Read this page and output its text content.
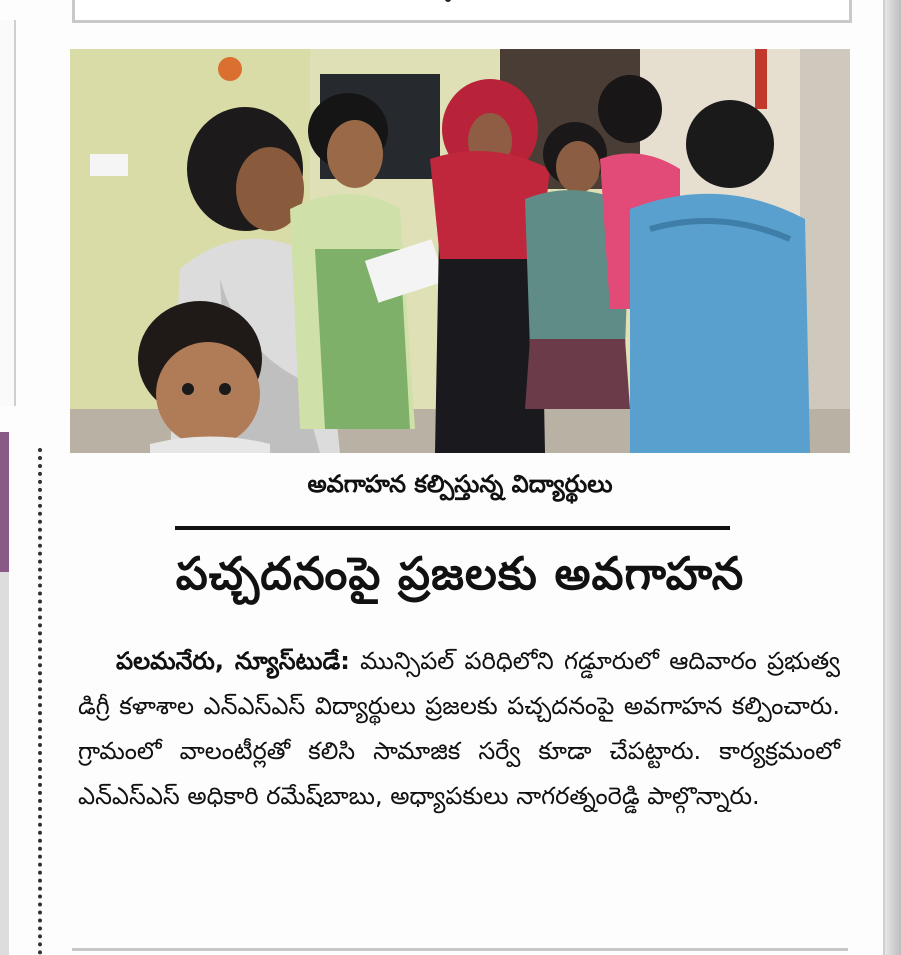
అవగాహన కల్పిస్తున్న విద్యార్థులు
పచ్చదనంపై ప్రజలకు అవగాహన
పలమనేరు, న్యూస్‌టుడే: మున్సిపల్ పరిధిలోని గడ్డూరులో ఆదివారం ప్రభుత్వ డిగ్రీ కళాశాల ఎన్‌ఎస్‌ఎస్ విద్యార్థులు ప్రజలకు పచ్చదనంపై అవగాహన కల్పించారు. గ్రామంలో వాలంటీర్లతో కలిసి సామాజిక సర్వే కూడా చేపట్టారు. కార్యక్రమంలో ఎన్‌ఎస్‌ఎస్ అధికారి రమేష్‌బాబు, అధ్యాపకులు నాగరత్నంరెడ్డి పాల్గొన్నారు.
